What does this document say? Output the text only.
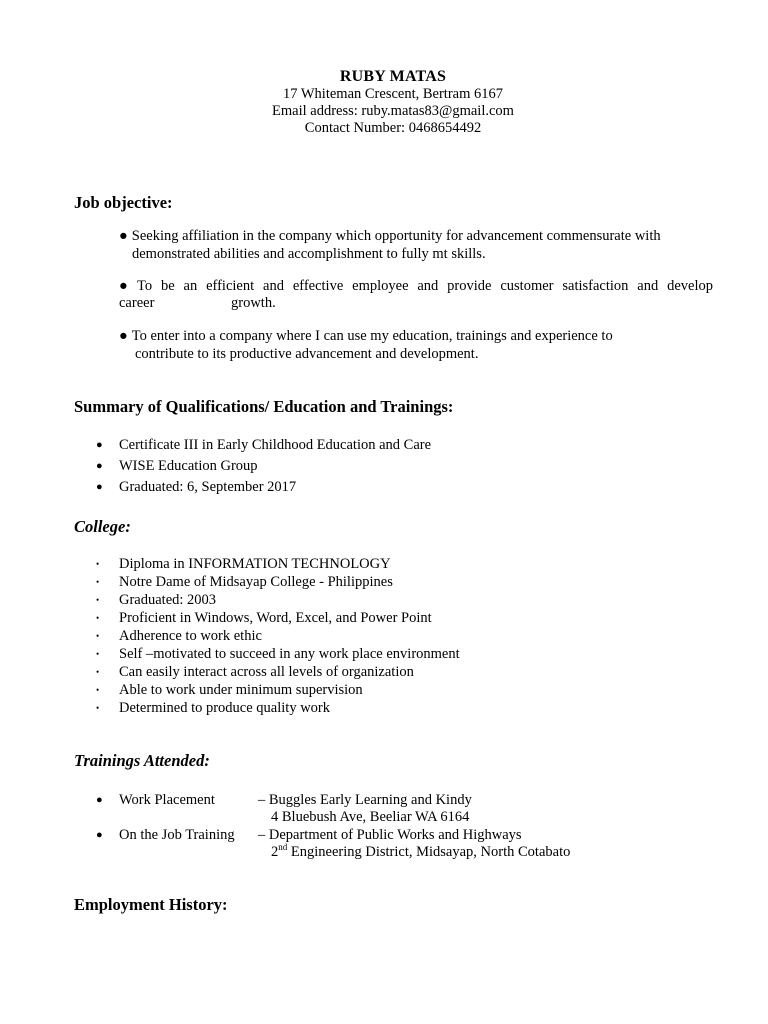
RUBY MATAS
17 Whiteman Crescent, Bertram 6167
Email address: ruby.matas83@gmail.com
Contact Number: 0468654492
Job objective:
● Seeking affiliation in the company which opportunity for advancement commensurate with
demonstrated abilities and accomplishment to fully mt skills.
● To be an efficient and effective employee and provide customer satisfaction and develop
career	growth.
● To enter into a company where I can use my education, trainings and experience to
contribute to its productive advancement and development.
Summary of Qualifications/ Education and Trainings:
● Certificate III in Early Childhood Education and Care
● WISE Education Group
● Graduated: 6, September 2017
College:
• Diploma in INFORMATION TECHNOLOGY
• Notre Dame of Midsayap College - Philippines
• Graduated: 2003
• Proficient in Windows, Word, Excel, and Power Point
• Adherence to work ethic
• Self –motivated to succeed in any work place environment
• Can easily interact across all levels of organization
• Able to work under minimum supervision
• Determined to produce quality work
Trainings Attended:
● Work Placement	– Buggles Early Learning and Kindy
4 Bluebush Ave, Beeliar WA 6164
● On the Job Training – Department of Public Works and Highways
2nd Engineering District, Midsayap, North Cotabato
Employment History:
